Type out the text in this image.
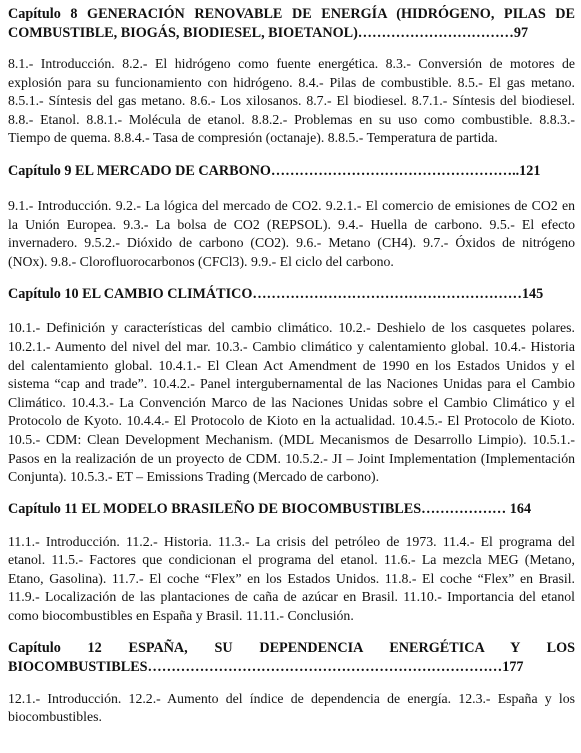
Capítulo 8 GENERACIÓN RENOVABLE DE ENERGÍA (HIDRÓGENO, PILAS DE COMBUSTIBLE, BIOGÁS, BIODIESEL, BIOETANOL)……………………………97

8.1.- Introducción. 8.2.- El hidrógeno como fuente energética. 8.3.- Conversión de motores de explosión para su funcionamiento con hidrógeno. 8.4.- Pilas de combustible. 8.5.- El gas metano. 8.5.1.- Síntesis del gas metano. 8.6.- Los xilosanos. 8.7.- El biodiesel. 8.7.1.- Síntesis del biodiesel. 8.8.- Etanol. 8.8.1.- Molécula de etanol. 8.8.2.- Problemas en su uso como combustible. 8.8.3.- Tiempo de quema. 8.8.4.- Tasa de compresión (octanaje). 8.8.5.- Temperatura de partida.

Capítulo 9 EL MERCADO DE CARBONO……………………………………………..121

9.1.- Introducción. 9.2.- La lógica del mercado de CO2. 9.2.1.- El comercio de emisiones de CO2 en la Unión Europea. 9.3.- La bolsa de CO2 (REPSOL). 9.4.- Huella de carbono. 9.5.- El efecto invernadero. 9.5.2.- Dióxido de carbono (CO2). 9.6.- Metano (CH4). 9.7.- Óxidos de nitrógeno (NOx). 9.8.- Clorofluorocarbonos (CFCl3). 9.9.- El ciclo del carbono.

Capítulo 10 EL CAMBIO CLIMÁTICO…………………………………………………145

10.1.- Definición y características del cambio climático. 10.2.- Deshielo de los casquetes polares. 10.2.1.- Aumento del nivel del mar. 10.3.- Cambio climático y calentamiento global. 10.4.- Historia del calentamiento global. 10.4.1.- El Clean Act Amendment de 1990 en los Estados Unidos y el sistema “cap and trade”. 10.4.2.- Panel intergubernamental de las Naciones Unidas para el Cambio Climático. 10.4.3.- La Convención Marco de las Naciones Unidas sobre el Cambio Climático y el Protocolo de Kyoto. 10.4.4.- El Protocolo de Kioto en la actualidad. 10.4.5.- El Protocolo de Kioto. 10.5.- CDM: Clean Development Mechanism. (MDL Mecanismos de Desarrollo Limpio). 10.5.1.- Pasos en la realización de un proyecto de CDM. 10.5.2.- JI – Joint Implementation (Implementación Conjunta). 10.5.3.- ET – Emissions Trading (Mercado de carbono).

Capítulo 11 EL MODELO BRASILEÑO DE BIOCOMBUSTIBLES……………… 164

11.1.- Introducción. 11.2.- Historia. 11.3.- La crisis del petróleo de 1973. 11.4.- El programa del etanol. 11.5.- Factores que condicionan el programa del etanol. 11.6.- La mezcla MEG (Metano, Etano, Gasolina). 11.7.- El coche “Flex” en los Estados Unidos. 11.8.- El coche “Flex” en Brasil. 11.9.- Localización de las plantaciones de caña de azúcar en Brasil. 11.10.- Importancia del etanol como biocombustibles en España y Brasil. 11.11.- Conclusión.

Capítulo 12 ESPAÑA, SU DEPENDENCIA ENERGÉTICA Y LOS BIOCOMBUSTIBLES…………………………………………………………………177

12.1.- Introducción. 12.2.- Aumento del índice de dependencia de energía. 12.3.- España y los biocombustibles.
